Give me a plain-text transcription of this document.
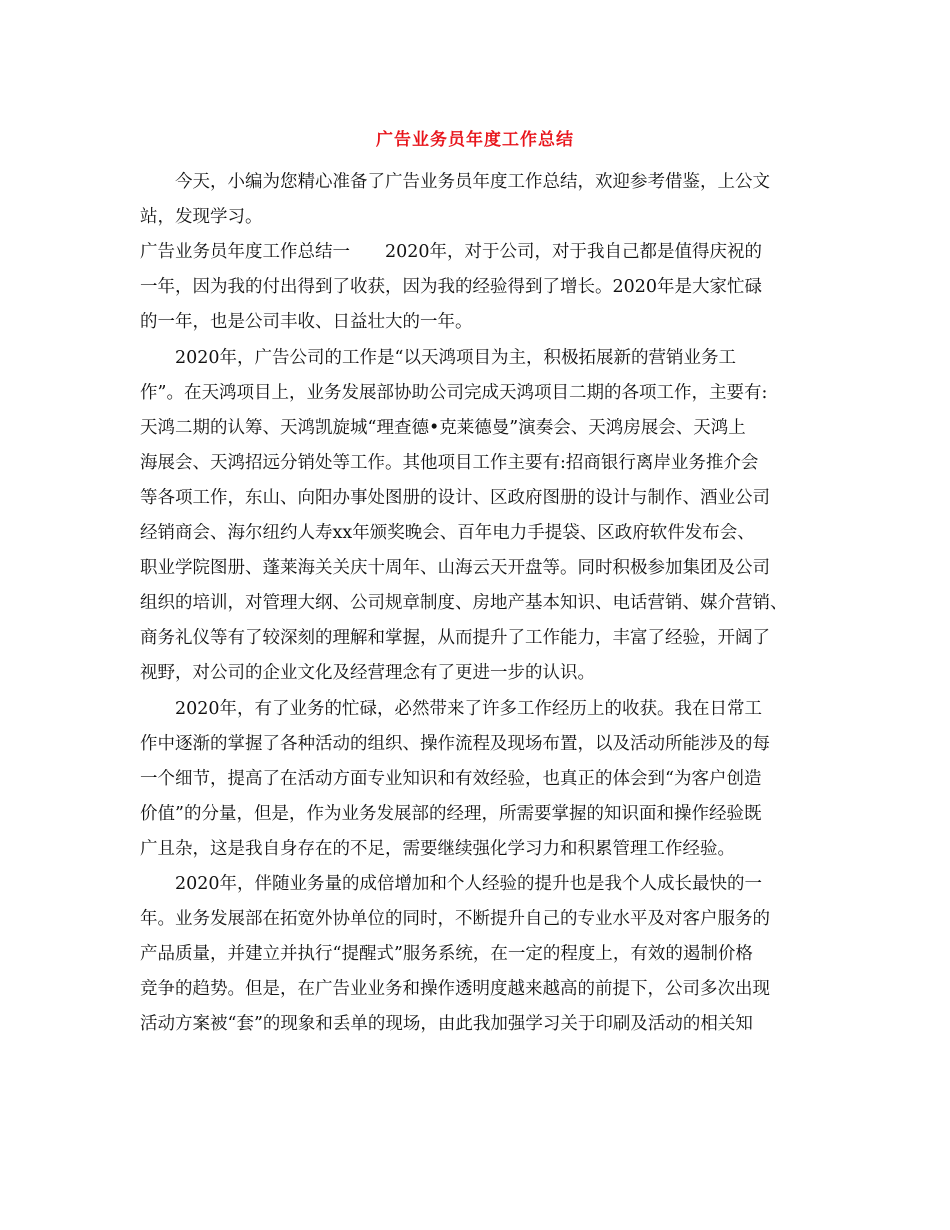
广告业务员年度工作总结
　　今天，小编为您精心准备了广告业务员年度工作总结，欢迎参考借鉴，上公文
站，发现学习。
广告业务员年度工作总结一　　2020年，对于公司，对于我自己都是值得庆祝的
一年，因为我的付出得到了收获，因为我的经验得到了增长。2020年是大家忙碌
的一年，也是公司丰收、日益壮大的一年。
　　2020年，广告公司的工作是“以天鸿项目为主，积极拓展新的营销业务工
作”。在天鸿项目上，业务发展部协助公司完成天鸿项目二期的各项工作，主要有:
天鸿二期的认筹、天鸿凯旋城“理查德•克莱德曼”演奏会、天鸿房展会、天鸿上
海展会、天鸿招远分销处等工作。其他项目工作主要有:招商银行离岸业务推介会
等各项工作，东山、向阳办事处图册的设计、区政府图册的设计与制作、酒业公司
经销商会、海尔纽约人寿xx年颁奖晚会、百年电力手提袋、区政府软件发布会、
职业学院图册、蓬莱海关关庆十周年、山海云天开盘等。同时积极参加集团及公司
组织的培训，对管理大纲、公司规章制度、房地产基本知识、电话营销、媒介营销、
商务礼仪等有了较深刻的理解和掌握，从而提升了工作能力，丰富了经验，开阔了
视野，对公司的企业文化及经营理念有了更进一步的认识。
　　2020年，有了业务的忙碌，必然带来了许多工作经历上的收获。我在日常工
作中逐渐的掌握了各种活动的组织、操作流程及现场布置，以及活动所能涉及的每
一个细节，提高了在活动方面专业知识和有效经验，也真正的体会到“为客户创造
价值”的分量，但是，作为业务发展部的经理，所需要掌握的知识面和操作经验既
广且杂，这是我自身存在的不足，需要继续强化学习力和积累管理工作经验。
　　2020年，伴随业务量的成倍增加和个人经验的提升也是我个人成长最快的一
年。业务发展部在拓宽外协单位的同时，不断提升自己的专业水平及对客户服务的
产品质量，并建立并执行“提醒式”服务系统，在一定的程度上，有效的遏制价格
竞争的趋势。但是，在广告业业务和操作透明度越来越高的前提下，公司多次出现
活动方案被“套”的现象和丢单的现场，由此我加强学习关于印刷及活动的相关知
